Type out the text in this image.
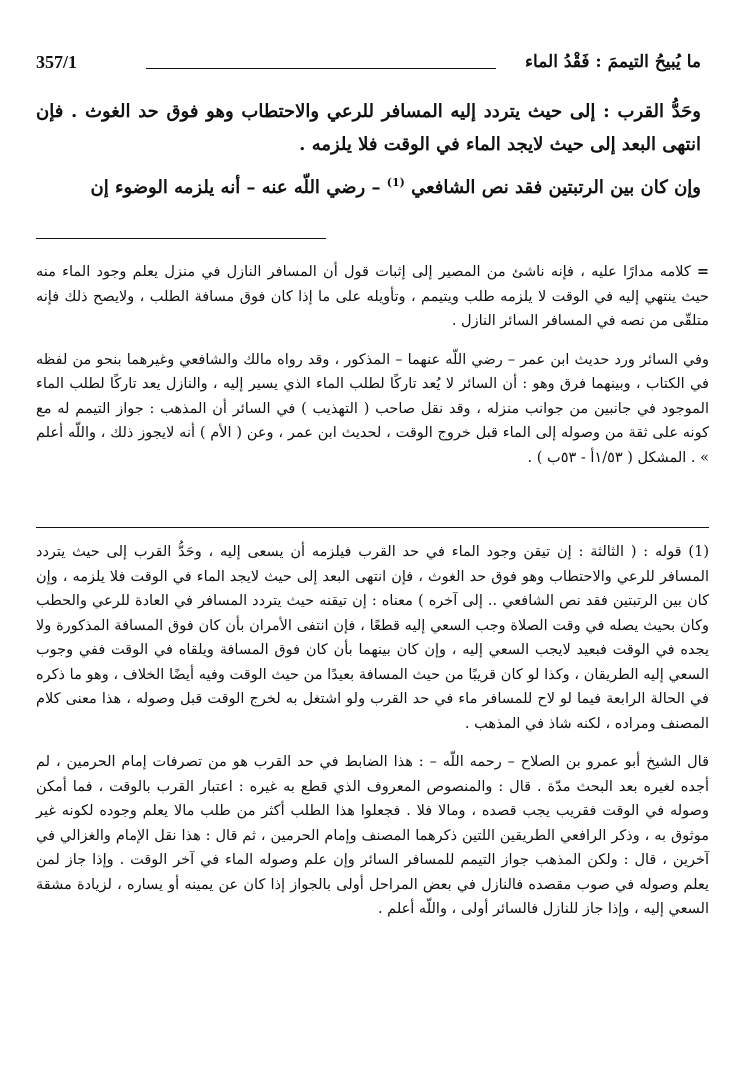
ما يُبيحُ التيممَ : فَقْدُ الماء
357/1

وحَدُّ القرب : إلى حيث يتردد إليه المسافر للرعي والاحتطاب وهو فوق حد الغوث . فإن انتهى البعد إلى حيث لايجد الماء في الوقت فلا يلزمه .

وإن كان بين الرتبتين فقد نص الشافعي $^{(1)}$ – رضي اللّه عنه – أنه يلزمه الوضوء إن

=كلامه مدارًا عليه ، فإنه ناشئ من المصير إلى إثبات قول أن المسافر النازل في منزل يعلم وجود الماء منه حيث ينتهي إليه في الوقت لا يلزمه طلب ويتيمم ، وتأويله على ما إذا كان فوق مسافة الطلب ، ولايصح ذلك فإنه متلقّى من نصه في المسافر السائر النازل .

وفي السائر ورد حديث ابن عمر – رضي اللّه عنهما – المذكور ، وقد رواه مالك والشافعي وغيرهما بنحو من لفظه في الكتاب ، وبينهما فرق وهو : أن السائر لا يُعد تاركًا لطلب الماء الذي يسير إليه ، والنازل يعد تاركًا لطلب الماء الموجود في جانبين من جوانب منزله ، وقد نقل صاحب ( التهذيب ) في السائر أن المذهب : جواز التيمم له مع كونه على ثقة من وصوله إلى الماء قبل خروج الوقت ، لحديث ابن عمر ، وعن ( الأم ) أنه لايجوز ذلك ، واللّه أعلم » . المشكل ( ١/٥٣أ - ٥٣ب ) .

(1) قوله : ( الثالثة : إن تيقن وجود الماء في حد القرب فيلزمه أن يسعى إليه ، وحَدُّ القرب إلى حيث يتردد المسافر للرعي والاحتطاب وهو فوق حد الغوث ، فإن انتهى البعد إلى حيث لايجد الماء في الوقت فلا يلزمه ، وإن كان بين الرتبتين فقد نص الشافعي .. إلى آخره ) معناه : إن تيقنه حيث يتردد المسافر في العادة للرعي والحطب وكان بحيث يصله في وقت الصلاة وجب السعي إليه قطعًا ، فإن انتفى الأمران بأن كان فوق المسافة المذكورة ولا يجده في الوقت فبعيد لايجب السعي إليه ، وإن كان بينهما بأن كان فوق المسافة ويلقاه في الوقت ففي وجوب السعي إليه الطريقان ، وكذا لو كان قريبًا من حيث المسافة بعيدًا من حيث الوقت وفيه أيضًا الخلاف ، وهو ما ذكره في الحالة الرابعة فيما لو لاح للمسافر ماء في حد القرب ولو اشتغل به لخرج الوقت قبل وصوله ، هذا معنى كلام المصنف ومراده ، لكنه شاذ في المذهب .

قال الشيخ أبو عمرو بن الصلاح – رحمه اللّه – : هذا الضابط في حد القرب هو من تصرفات إمام الحرمين ، لم أجده لغيره بعد البحث مدّة . قال : والمنصوص المعروف الذي قطع به غيره : اعتبار القرب بالوقت ، فما أمكن وصوله في الوقت فقريب يجب قصده ، ومالا فلا . فجعلوا هذا الطلب أكثر من طلب مالا يعلم وجوده لكونه غير موثوق به ، وذكر الرافعي الطريقين اللتين ذكرهما المصنف وإمام الحرمين ، ثم قال : هذا نقل الإمام والغزالي في آخرين ، قال : ولكن المذهب جواز التيمم للمسافر السائر وإن علم وصوله الماء في آخر الوقت . وإذا جاز لمن يعلم وصوله في صوب مقصده فالنازل في بعض المراحل أولى بالجواز إذا كان عن يمينه أو يساره ، لزيادة مشقة السعي إليه ، وإذا جاز للنازل فالسائر أولى ، واللّه أعلم .
